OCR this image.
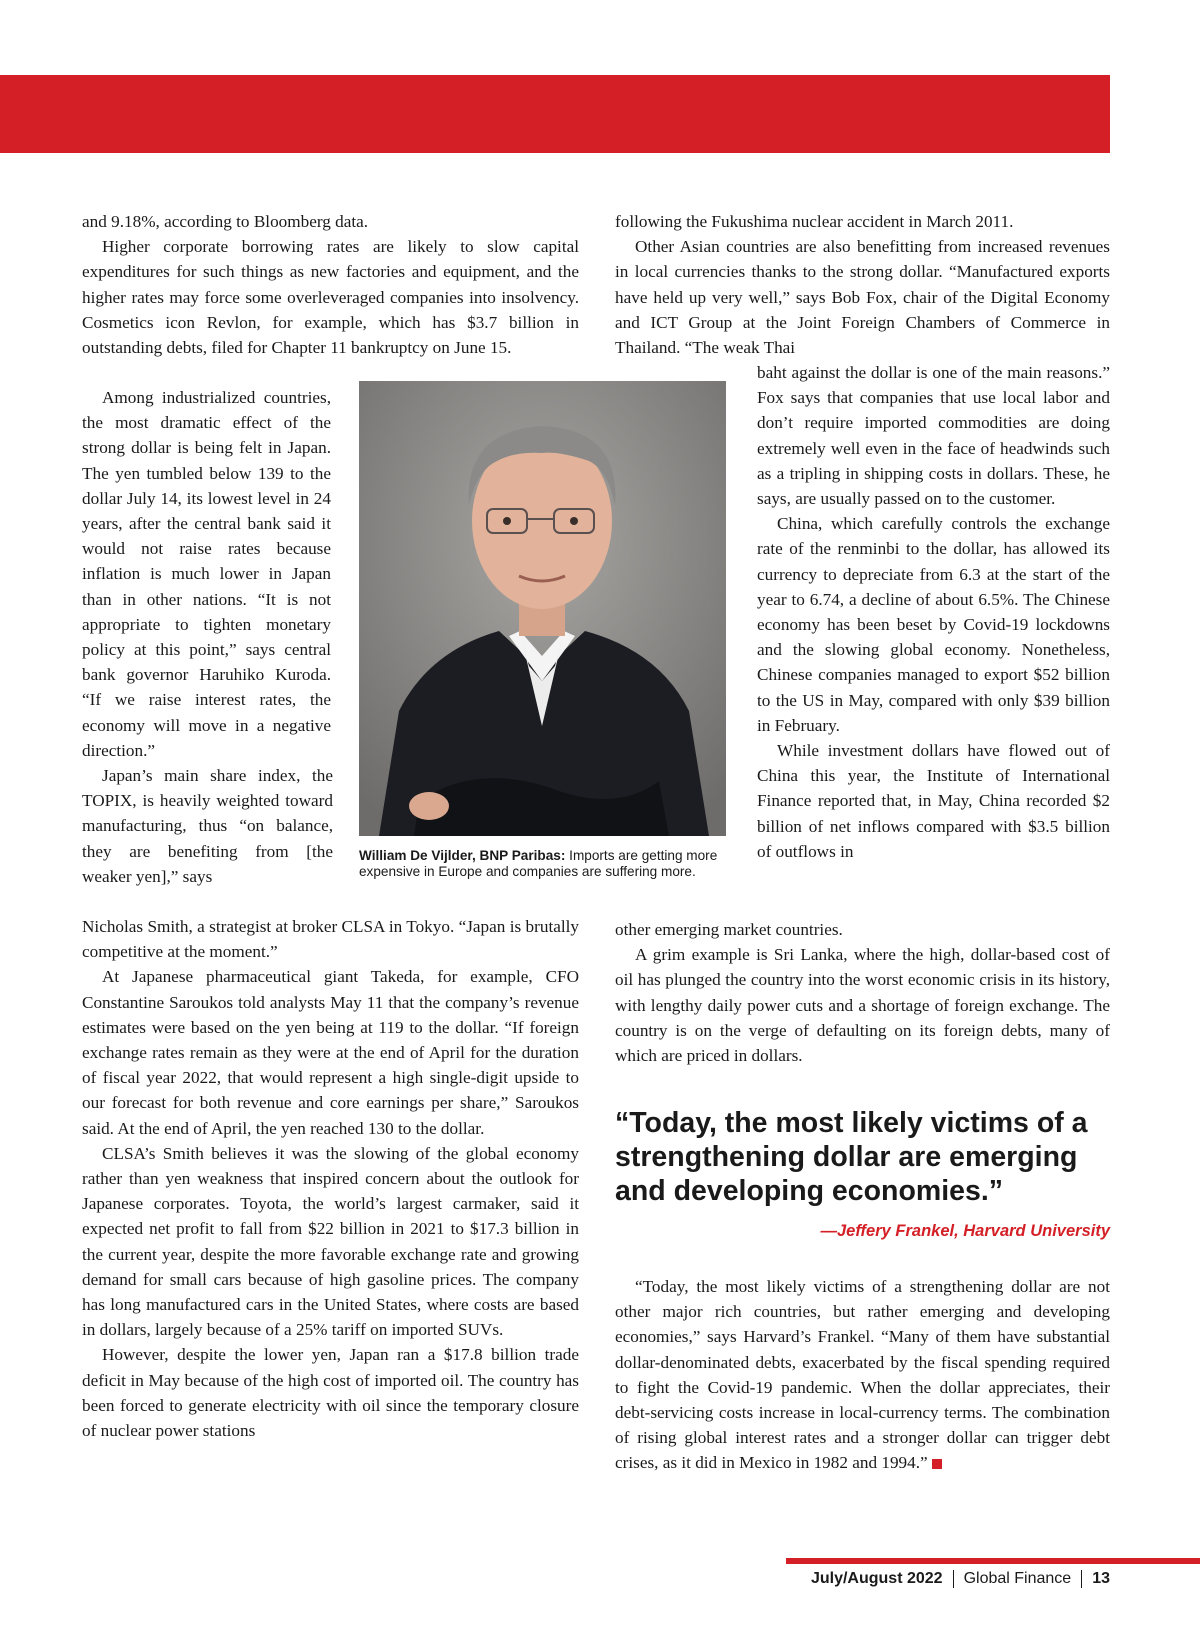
and 9.18%, according to Bloomberg data.

Higher corporate borrowing rates are likely to slow capital expenditures for such things as new factories and equipment, and the higher rates may force some overleveraged companies into insolvency. Cosmetics icon Revlon, for example, which has $3.7 billion in outstanding debts, filed for Chapter 11 bankruptcy on June 15.

Among industrialized countries, the most dramatic effect of the strong dollar is being felt in Japan. The yen tumbled below 139 to the dollar July 14, its lowest level in 24 years, after the central bank said it would not raise rates because inflation is much lower in Japan than in other nations. “It is not appropriate to tighten monetary policy at this point,” says central bank governor Haruhiko Kuroda. “If we raise interest rates, the economy will move in a negative direction.”

Japan’s main share index, the TOPIX, is heavily weighted toward manufacturing, thus “on balance, they are benefiting from [the weaker yen],” says

William De Vijlder, BNP Paribas: Imports are getting more expensive in Europe and companies are suffering more.

Nicholas Smith, a strategist at broker CLSA in Tokyo. “Japan is brutally competitive at the moment.”

At Japanese pharmaceutical giant Takeda, for example, CFO Constantine Saroukos told analysts May 11 that the company’s revenue estimates were based on the yen being at 119 to the dollar. “If foreign exchange rates remain as they were at the end of April for the duration of fiscal year 2022, that would represent a high single-digit upside to our forecast for both revenue and core earnings per share,” Saroukos said. At the end of April, the yen reached 130 to the dollar.

CLSA’s Smith believes it was the slowing of the global economy rather than yen weakness that inspired concern about the outlook for Japanese corporates. Toyota, the world’s largest carmaker, said it expected net profit to fall from $22 billion in 2021 to $17.3 billion in the current year, despite the more favorable exchange rate and growing demand for small cars because of high gasoline prices. The company has long manufactured cars in the United States, where costs are based in dollars, largely because of a 25% tariff on imported SUVs.

However, despite the lower yen, Japan ran a $17.8 billion trade deficit in May because of the high cost of imported oil. The country has been forced to generate electricity with oil since the temporary closure of nuclear power stations

following the Fukushima nuclear accident in March 2011.

Other Asian countries are also benefitting from increased revenues in local currencies thanks to the strong dollar. “Manufactured exports have held up very well,” says Bob Fox, chair of the Digital Economy and ICT Group at the Joint Foreign Chambers of Commerce in Thailand. “The weak Thai

baht against the dollar is one of the main reasons.” Fox says that companies that use local labor and don’t require imported commodities are doing extremely well even in the face of headwinds such as a tripling in shipping costs in dollars. These, he says, are usually passed on to the customer.

China, which carefully controls the exchange rate of the renminbi to the dollar, has allowed its currency to depreciate from 6.3 at the start of the year to 6.74, a decline of about 6.5%. The Chinese economy has been beset by Covid-19 lockdowns and the slowing global economy. Nonetheless, Chinese companies managed to export $52 billion to the US in May, compared with only $39 billion in February.

While investment dollars have flowed out of China this year, the Institute of International Finance reported that, in May, China recorded $2 billion of net inflows compared with $3.5 billion of outflows in

other emerging market countries.

A grim example is Sri Lanka, where the high, dollar-based cost of oil has plunged the country into the worst economic crisis in its history, with lengthy daily power cuts and a shortage of foreign exchange. The country is on the verge of defaulting on its foreign debts, many of which are priced in dollars.

“Today, the most likely victims of a strengthening dollar are emerging and developing economies.”
—Jeffery Frankel, Harvard University

“Today, the most likely victims of a strengthening dollar are not other major rich countries, but rather emerging and developing economies,” says Harvard’s Frankel. “Many of them have substantial dollar-denominated debts, exacerbated by the fiscal spending required to fight the Covid-19 pandemic. When the dollar appreciates, their debt-servicing costs increase in local-currency terms. The combination of rising global interest rates and a stronger dollar can trigger debt crises, as it did in Mexico in 1982 and 1994.”

July/August 2022 Global Finance 13
